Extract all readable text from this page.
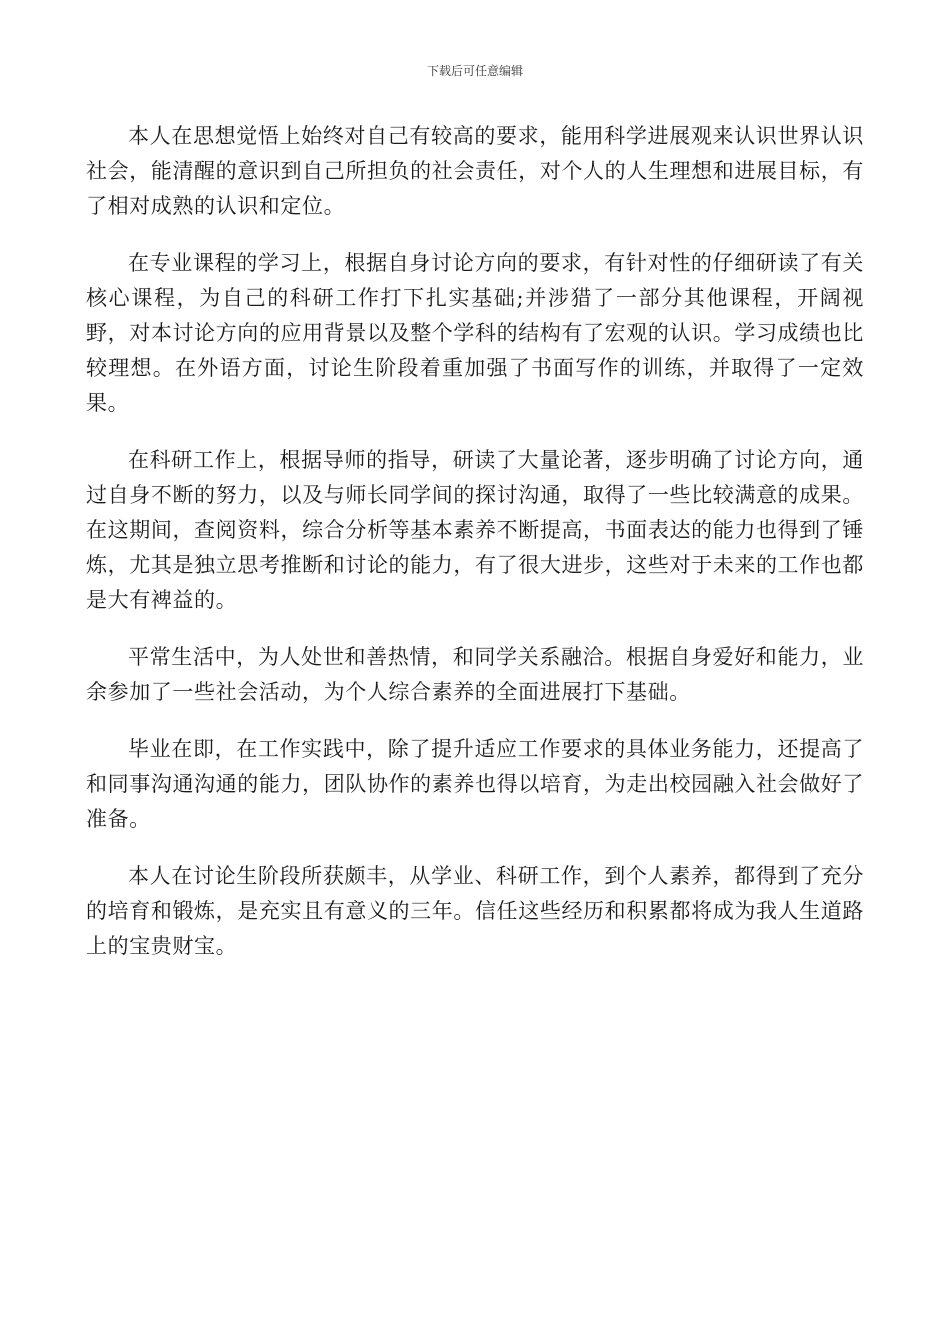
下载后可任意编辑

本人在思想觉悟上始终对自己有较高的要求，能用科学进展观来认识世界认识社会，能清醒的意识到自己所担负的社会责任，对个人的人生理想和进展目标，有了相对成熟的认识和定位。

在专业课程的学习上，根据自身讨论方向的要求，有针对性的仔细研读了有关核心课程，为自己的科研工作打下扎实基础;并涉猎了一部分其他课程，开阔视野，对本讨论方向的应用背景以及整个学科的结构有了宏观的认识。学习成绩也比较理想。在外语方面，讨论生阶段着重加强了书面写作的训练，并取得了一定效果。

在科研工作上，根据导师的指导，研读了大量论著，逐步明确了讨论方向，通过自身不断的努力，以及与师长同学间的探讨沟通，取得了一些比较满意的成果。在这期间，查阅资料，综合分析等基本素养不断提高，书面表达的能力也得到了锤炼，尤其是独立思考推断和讨论的能力，有了很大进步，这些对于未来的工作也都是大有裨益的。

平常生活中，为人处世和善热情，和同学关系融洽。根据自身爱好和能力，业余参加了一些社会活动，为个人综合素养的全面进展打下基础。

毕业在即，在工作实践中，除了提升适应工作要求的具体业务能力，还提高了和同事沟通沟通的能力，团队协作的素养也得以培育，为走出校园融入社会做好了准备。

本人在讨论生阶段所获颇丰，从学业、科研工作，到个人素养，都得到了充分的培育和锻炼，是充实且有意义的三年。信任这些经历和积累都将成为我人生道路上的宝贵财宝。
